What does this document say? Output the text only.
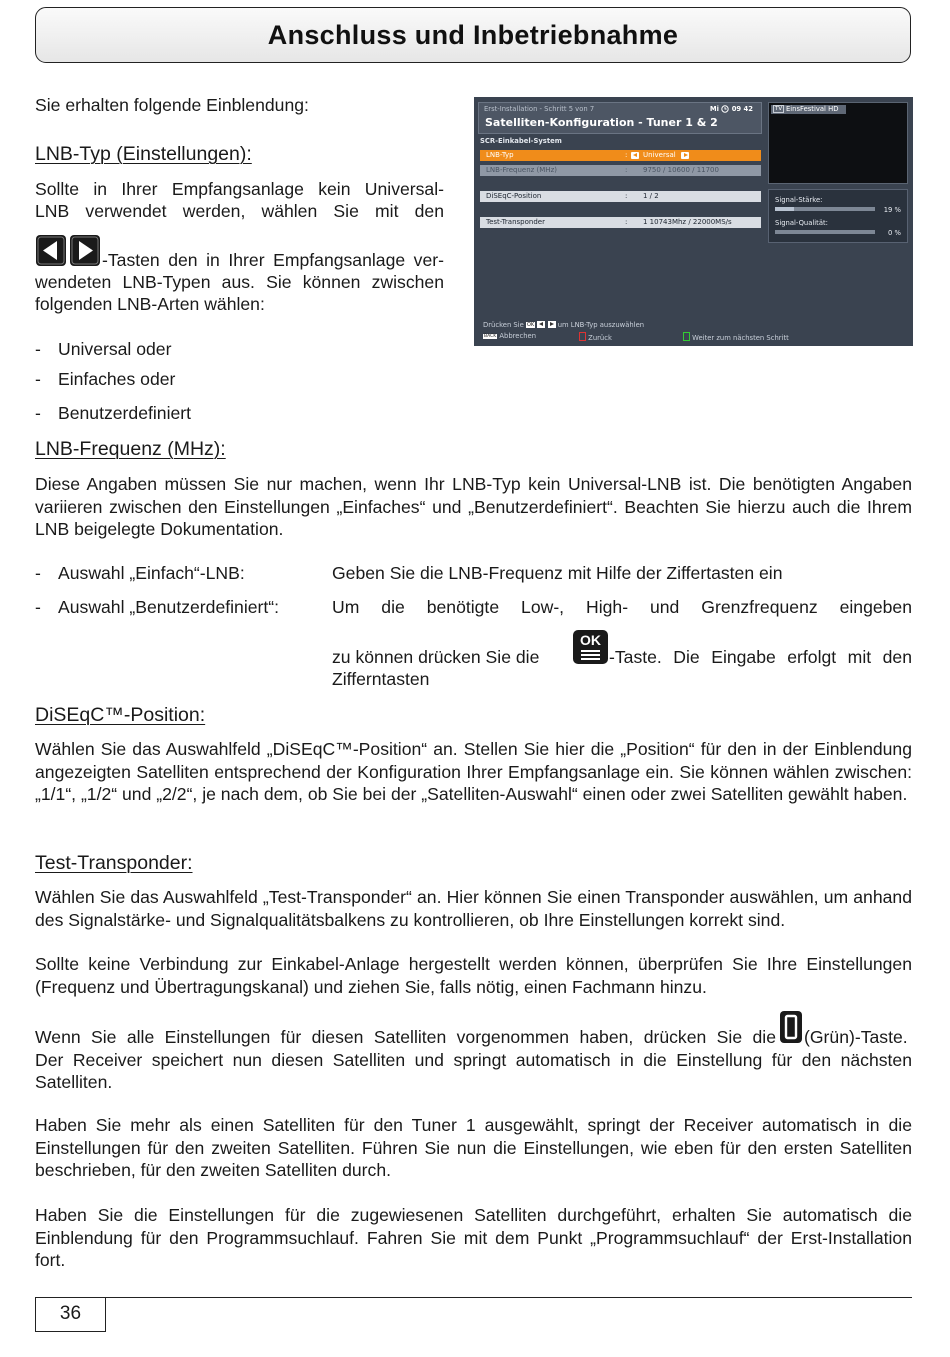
Anschluss und Inbetriebnahme
Sie erhalten folgende Einblendung:
LNB-Typ (Einstellungen):
Sollte in Ihrer Empfangsanlage kein Universal-
LNB verwendet werden, wählen Sie mit den
-Tasten den in Ihrer Empfangsanlage ver-
wendeten LNB-Typen aus. Sie können zwischen
folgenden LNB-Arten wählen:
- Universal oder
- Einfaches oder
- Benutzerdefiniert
Erst-Installation - Schritt 5 von 7	Mi 09 42
Satelliten-Konfiguration - Tuner 1 & 2
SCR-Einkabel-System
LNB-Typ	: Universal
LNB-Frequenz (MHz)	: 9750 / 10600 / 11700
DiSEqC-Position	: 1 / 2
Test-Transponder	: 1 10743Mhz / 22000MS/s
TV EinsFestival HD
Signal-Stärke:
19 %
Signal-Qualität:
0 %
Drücken Sie OK
	um LNB-Typ auszuwählen
BACK Abbrechen	Zurück	Weiter zum nächsten Schritt
LNB-Frequenz (MHz):
Diese Angaben müssen Sie nur machen, wenn Ihr LNB-Typ kein Universal-LNB ist. Die benötigten Angaben variieren zwischen den Einstellungen „Einfaches“ und „Benutzerdefiniert“. Beachten Sie hierzu auch die Ihrem LNB beigelegte Dokumentation.
- Auswahl „Einfach“-LNB:	Geben Sie die LNB-Frequenz mit Hilfe der Ziffertasten ein
- Auswahl „Benutzerdefiniert“:	Um die benötigte Low-, High- und Grenzfrequenz eingeben
zu können drücken Sie die
OK
-Taste. Die Eingabe erfolgt mit den
Zifferntasten
DiSEqC™-Position:
Wählen Sie das Auswahlfeld „DiSEqC™-Position“ an. Stellen Sie hier die „Position“ für den in der Einblendung angezeigten Satelliten entsprechend der Konfiguration Ihrer Empfangsanlage ein. Sie können wählen zwischen: „1/1“, „1/2“ und „2/2“, je nach dem, ob Sie bei der „Satelliten-Auswahl“ einen oder zwei Satelliten gewählt haben.
Test-Transponder:
Wählen Sie das Auswahlfeld „Test-Transponder“ an. Hier können Sie einen Transponder auswählen, um anhand des Signalstärke- und Signalqualitätsbalkens zu kontrollieren, ob Ihre Einstellungen korrekt sind.
Sollte keine Verbindung zur Einkabel-Anlage hergestellt werden können, überprüfen Sie Ihre Einstellungen (Frequenz und Übertragungskanal) und ziehen Sie, falls nötig, einen Fachmann hinzu.
Wenn Sie alle Einstellungen für diesen Satelliten vorgenommen haben, drücken Sie die	(Grün)-Taste. Der Receiver speichert nun diesen Satelliten und springt automatisch in die Einstellung für den nächsten Satelliten.
Haben Sie mehr als einen Satelliten für den Tuner 1 ausgewählt, springt der Receiver automatisch in die Einstellungen für den zweiten Satelliten. Führen Sie nun die Einstellungen, wie eben für den ersten Satelliten beschrieben, für den zweiten Satelliten durch.
Haben Sie die Einstellungen für die zugewiesenen Satelliten durchgeführt, erhalten Sie automatisch die Einblendung für den Programmsuchlauf. Fahren Sie mit dem Punkt „Programmsuchlauf“ der Erst-Installation fort.
36
